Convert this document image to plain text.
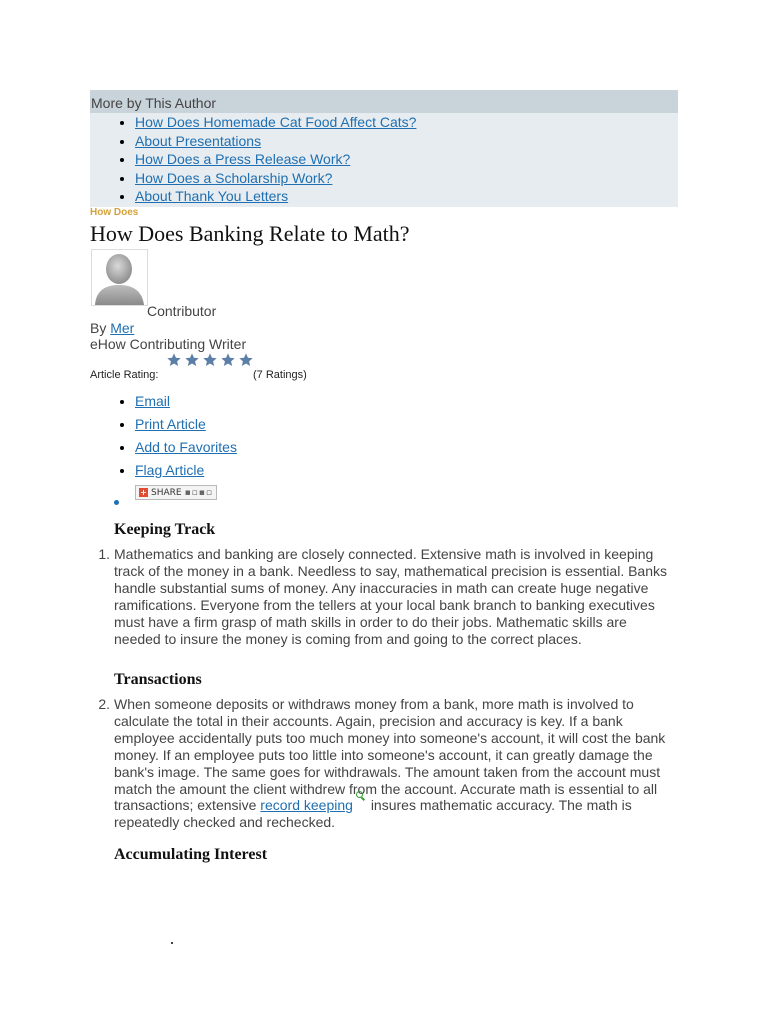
More by This Author
• How Does Homemade Cat Food Affect Cats?
• About Presentations
• How Does a Press Release Work?
• How Does a Scholarship Work?
• About Thank You Letters
How Does
How Does Banking Relate to Math?
Contributor
By Mer
eHow Contributing Writer
Article Rating:	(7 Ratings)
• Email
• Print Article
• Add to Favorites
• Flag Article
+ SHARE ▪▫▪▫
Keeping Track
1. Mathematics and banking are closely connected. Extensive math is involved in keeping track of the money in a bank. Needless to say, mathematical precision is essential. Banks handle substantial sums of money. Any inaccuracies in math can create huge negative ramifications. Everyone from the tellers at your local bank branch to banking executives must have a firm grasp of math skills in order to do their jobs. Mathematic skills are needed to insure the money is coming from and going to the correct places.
Transactions
2. When someone deposits or withdraws money from a bank, more math is involved to calculate the total in their accounts. Again, precision and accuracy is key. If a bank employee accidentally puts too much money into someone's account, it will cost the bank money. If an employee puts too little into someone's account, it can greatly damage the bank's image. The same goes for withdrawals. The amount taken from the account must match the amount the client withdrew from the account. Accurate math is essential to all transactions; extensive record keeping insures mathematic accuracy. The math is repeatedly checked and rechecked.
Accumulating Interest
